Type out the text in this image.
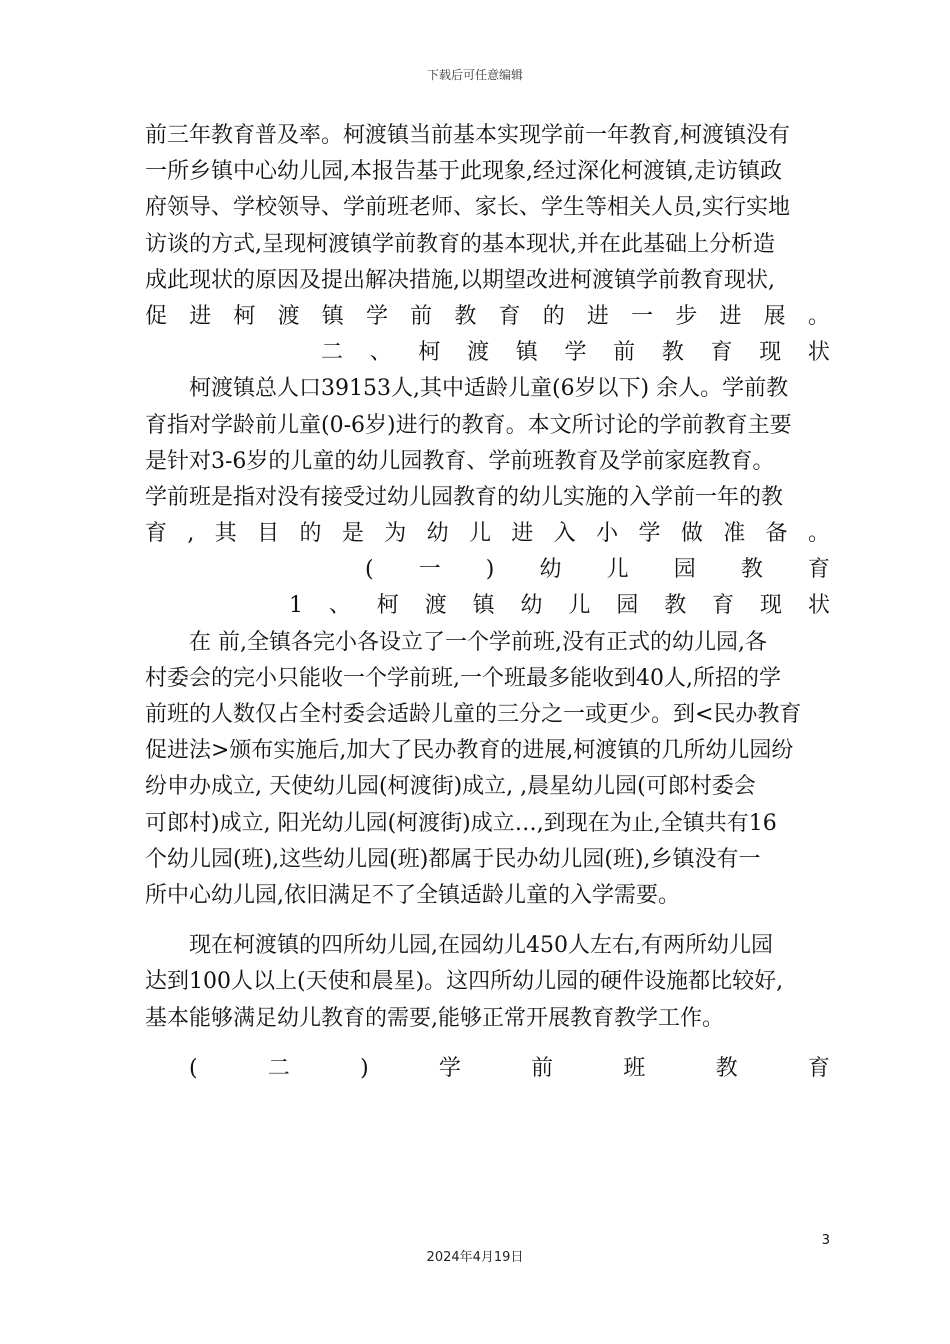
下载后可任意编辑
前三年教育普及率。柯渡镇当前基本实现学前一年教育,柯渡镇没有
一所乡镇中心幼儿园,本报告基于此现象,经过深化柯渡镇,走访镇政
府领导、学校领导、学前班老师、家长、学生等相关人员,实行实地
访谈的方式,呈现柯渡镇学前教育的基本现状,并在此基础上分析造
成此现状的原因及提出解决措施,以期望改进柯渡镇学前教育现状,
促 进 柯 渡 镇 学 前 教 育 的 进 一 步 进 展 。
二 、 柯 渡 镇 学 前 教 育 现 状
柯渡镇总人口39153人,其中适龄儿童(6岁以下) 余人。学前教
育指对学龄前儿童(0-6岁)进行的教育。本文所讨论的学前教育主要
是针对3-6岁的儿童的幼儿园教育、学前班教育及学前家庭教育。
学前班是指对没有接受过幼儿园教育的幼儿实施的入学前一年的教
育 , 其 目 的 是 为 幼 儿 进 入 小 学 做 准 备 。
( 一 ) 幼 儿 园 教 育
1 、 柯 渡 镇 幼 儿 园 教 育 现 状
在 前,全镇各完小各设立了一个学前班,没有正式的幼儿园,各
村委会的完小只能收一个学前班,一个班最多能收到40人,所招的学
前班的人数仅占全村委会适龄儿童的三分之一或更少。到<民办教育
促进法>颁布实施后,加大了民办教育的进展,柯渡镇的几所幼儿园纷
纷申办成立, 天使幼儿园(柯渡街)成立, ,晨星幼儿园(可郎村委会
可郎村)成立, 阳光幼儿园(柯渡街)成立…,到现在为止,全镇共有16
个幼儿园(班),这些幼儿园(班)都属于民办幼儿园(班),乡镇没有一
所中心幼儿园,依旧满足不了全镇适龄儿童的入学需要。
现在柯渡镇的四所幼儿园,在园幼儿450人左右,有两所幼儿园
达到100人以上(天使和晨星)。这四所幼儿园的硬件设施都比较好,
基本能够满足幼儿教育的需要,能够正常开展教育教学工作。
(	二	)	学	前	班	教	育
3
2024年4月19日
